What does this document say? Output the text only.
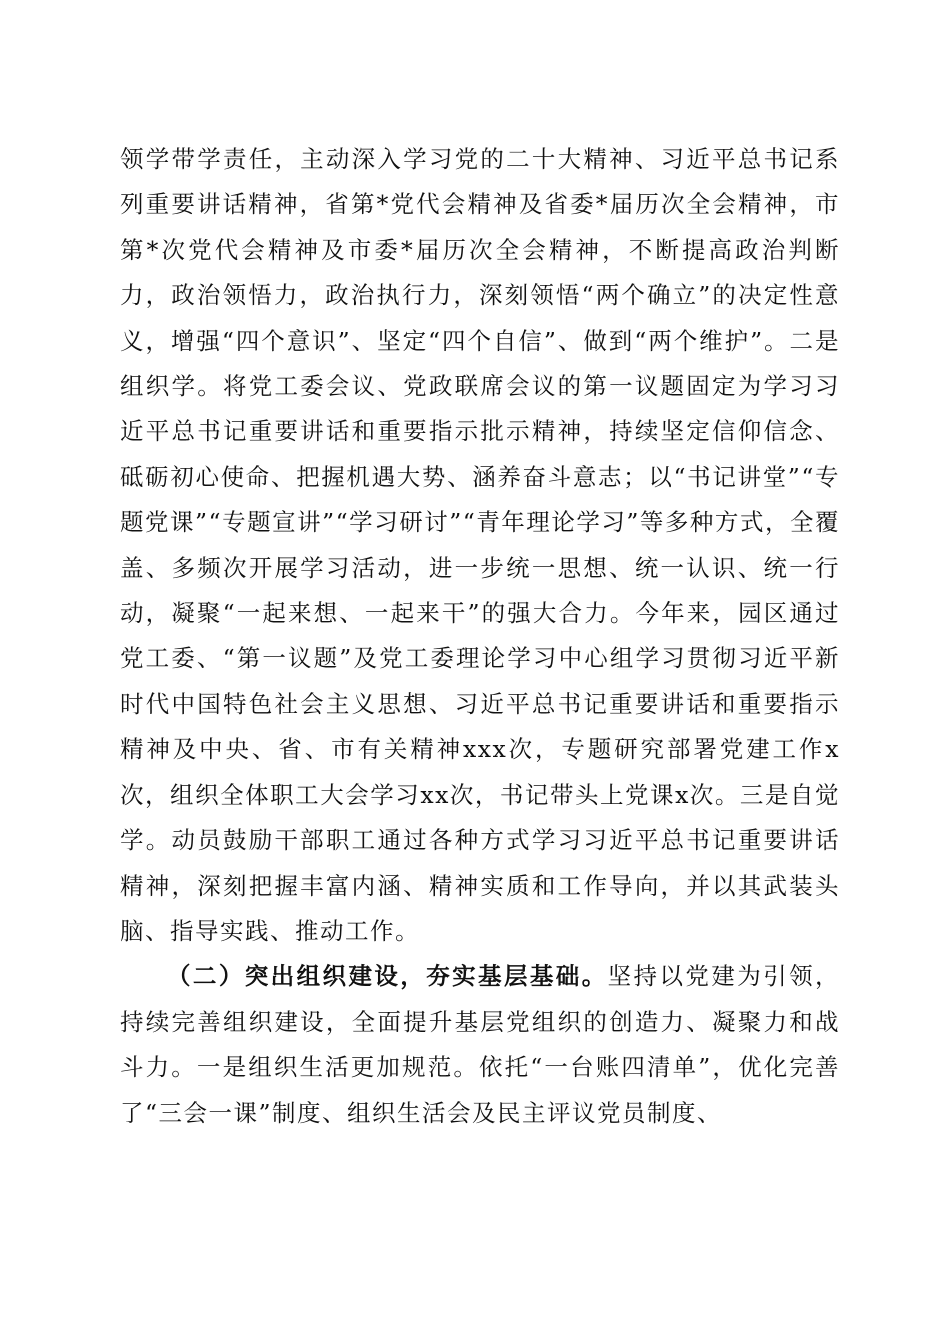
领学带学责任，主动深入学习党的二十大精神、习近平总书记系列重要讲话精神，省第*党代会精神及省委*届历次全会精神，市第*次党代会精神及市委*届历次全会精神，不断提高政治判断力，政治领悟力，政治执行力，深刻领悟“两个确立”的决定性意义，增强“四个意识”、坚定“四个自信”、做到“两个维护”。二是组织学。将党工委会议、党政联席会议的第一议题固定为学习习近平总书记重要讲话和重要指示批示精神，持续坚定信仰信念、砥砺初心使命、把握机遇大势、涵养奋斗意志；以“书记讲堂”“专题党课”“专题宣讲”“学习研讨”“青年理论学习”等多种方式，全覆盖、多频次开展学习活动，进一步统一思想、统一认识、统一行动，凝聚“一起来想、一起来干”的强大合力。今年来，园区通过党工委、“第一议题”及党工委理论学习中心组学习贯彻习近平新时代中国特色社会主义思想、习近平总书记重要讲话和重要指示精神及中央、省、市有关精神xxx次，专题研究部署党建工作x次，组织全体职工大会学习xx次，书记带头上党课x次。三是自觉学。动员鼓励干部职工通过各种方式学习习近平总书记重要讲话精神，深刻把握丰富内涵、精神实质和工作导向，并以其武装头脑、指导实践、推动工作。

（二）突出组织建设，夯实基层基础。坚持以党建为引领，持续完善组织建设，全面提升基层党组织的创造力、凝聚力和战斗力。一是组织生活更加规范。依托“一台账四清单”，优化完善了“三会一课”制度、组织生活会及民主评议党员制度、
